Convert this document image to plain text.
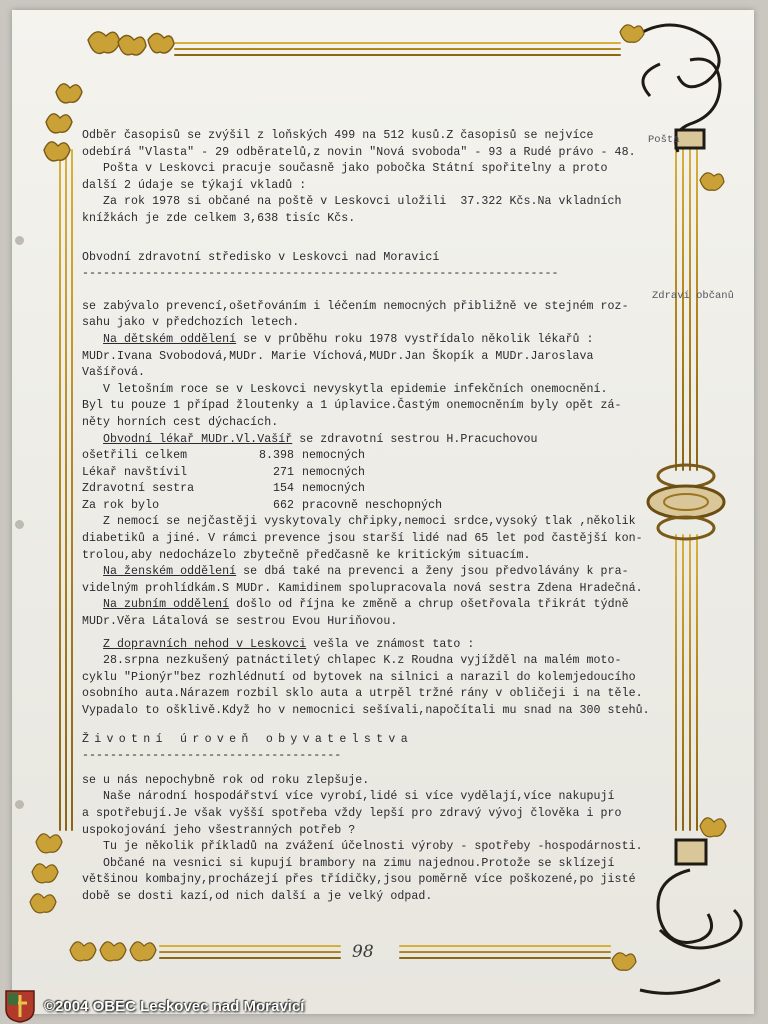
Pošta
Zdraví občanů

Odběr časopisů se zvýšil z loňských 499 na 512 kusů.Z časopisů se nejvíce

odebírá "Vlasta" - 29 odběratelů,z novin "Nová svoboda" - 93 a Rudé právo - 48.

Pošta v Leskovci pracuje současně jako pobočka Státní spořitelny a proto

další 2 údaje se týkají vkladů :

Za rok 1978 si občané na poště v Leskovci uložili  37.322 Kčs.Na vkladních

knížkách je zde celkem 3,638 tisíc Kčs.

Obvodní zdravotní středisko v Leskovci nad Moravicí

--------------------------------------------------------------------

se zabývalo prevencí,ošetřováním i léčením nemocných přibližně ve stejném roz-

sahu jako v předchozích letech.

Na dětském oddělení se v průběhu roku 1978 vystřídalo několik lékařů :

MUDr.Ivana Svobodová,MUDr. Marie Víchová,MUDr.Jan Škopík a MUDr.Jaroslava

Vašířová.

V letošním roce se v Leskovci nevyskytla epidemie infekčních onemocnění.

Byl tu pouze 1 případ žloutenky a 1 úplavice.Častým onemocněním byly opět zá-

něty horních cest dýchacích.

Obvodní lékař MUDr.Vl.Vašíř se zdravotní sestrou H.Pracuchovou

ošetřili celkem	8.398 nemocných
Lékař navštívil	271 nemocných
Zdravotní sestra	154 nemocných
Za rok bylo	662 pracovně neschopných

Z nemocí se nejčastěji vyskytovaly chřipky,nemoci srdce,vysoký tlak ,několik

diabetiků a jiné. V rámci prevence jsou starší lidé nad 65 let pod častější kon-

trolou,aby nedocházelo zbytečně předčasně ke kritickým situacím.

Na ženském oddělení se dbá také na prevenci a ženy jsou předvolávány k pra-

videlným prohlídkám.S MUDr. Kamidinem spolupracovala nová sestra Zdena Hradečná.

Na zubním oddělení došlo od října ke změně a chrup ošetřovala třikrát týdně

MUDr.Věra Látalová se sestrou Evou Huriňovou.

Z dopravních nehod v Leskovci vešla ve známost tato :

28.srpna nezkušený patnáctiletý chlapec K.z Roudna vyjížděl na malém moto-

cyklu "Pionýr"bez rozhlédnutí od bytovek na silnici a narazil do kolemjedoucího

osobního auta.Nárazem rozbil sklo auta a utrpěl tržné rány v obličeji i na těle.

Vypadalo to ošklivě.Když ho v nemocnici sešívali,napočítali mu snad na 300 stehů.

Životní úroveň obyvatelstva

-------------------------------------

se u nás nepochybně rok od roku zlepšuje.

Naše národní hospodářství více vyrobí,lidé si více vydělají,více nakupují

a spotřebují.Je však vyšší spotřeba vždy lepší pro zdravý vývoj člověka i pro

uspokojování jeho všestranných potřeb ?

Tu je několik příkladů na zvážení účelnosti výroby - spotřeby -hospodárnosti.

Občané na vesnici si kupují brambory na zimu najednou.Protože se sklízejí

většinou kombajny,procházejí přes třídičky,jsou poměrně více poškozené,po jisté

době se dosti kazí,od nich další a je velký odpad.

98
©2004 OBEC Leskovec nad Moravicí
